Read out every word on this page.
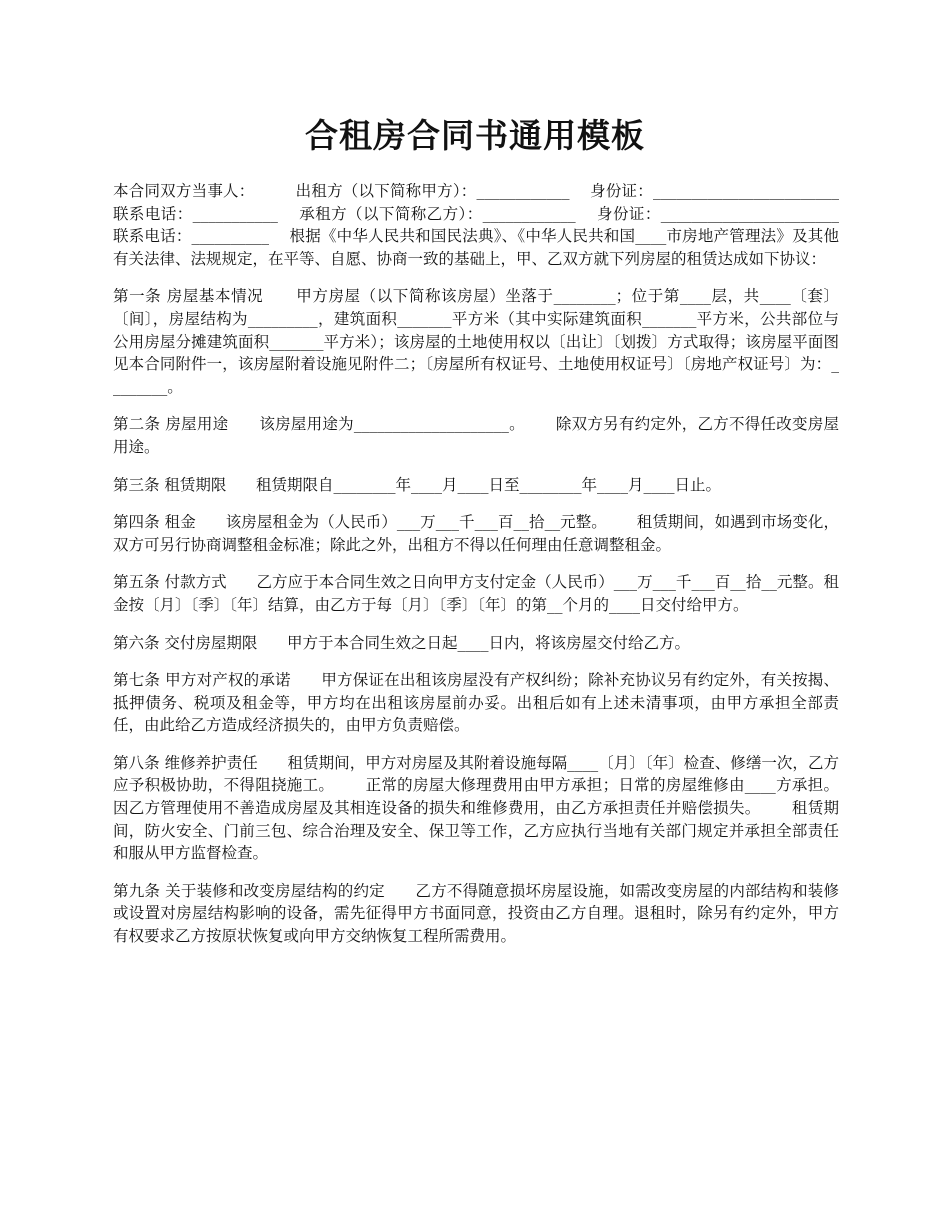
合租房合同书通用模板

本合同双方当事人：        出租方（以下简称甲方）：____________    身份证：________________________    联系电话：___________    承租方（以下简称乙方）：____________    身份证：_______________________    联系电话：__________    根据《中华人民共和国民法典》、《中华人民共和国____市房地产管理法》及其他有关法律、法规规定，在平等、自愿、协商一致的基础上，甲、乙双方就下列房屋的租赁达成如下协议：

第一条 房屋基本情况      甲方房屋（以下简称该房屋）坐落于________；位于第____层，共____〔套〕〔间〕，房屋结构为_________，建筑面积_______平方米（其中实际建筑面积_______平方米，公共部位与公用房屋分摊建筑面积_______平方米）；该房屋的土地使用权以〔出让〕〔划拨〕方式取得；该房屋平面图见本合同附件一，该房屋附着设施见附件二；〔房屋所有权证号、土地使用权证号〕〔房地产权证号〕为：________。

第二条 房屋用途      该房屋用途为____________________。      除双方另有约定外，乙方不得任改变房屋用途。

第三条 租赁期限      租赁期限自________年____月____日至________年____月____日止。

第四条 租金      该房屋租金为（人民币）___万___千___百__拾__元整。      租赁期间，如遇到市场变化，双方可另行协商调整租金标准；除此之外，出租方不得以任何理由任意调整租金。

第五条 付款方式      乙方应于本合同生效之日向甲方支付定金（人民币）___万___千___百__拾__元整。租金按〔月〕〔季〕〔年〕结算，由乙方于每〔月〕〔季〕〔年〕的第__个月的____日交付给甲方。

第六条 交付房屋期限      甲方于本合同生效之日起____日内，将该房屋交付给乙方。

第七条 甲方对产权的承诺      甲方保证在出租该房屋没有产权纠纷；除补充协议另有约定外，有关按揭、抵押债务、税项及租金等，甲方均在出租该房屋前办妥。出租后如有上述未清事项，由甲方承担全部责任，由此给乙方造成经济损失的，由甲方负责赔偿。

第八条 维修养护责任      租赁期间，甲方对房屋及其附着设施每隔____〔月〕〔年〕检查、修缮一次，乙方应予积极协助，不得阻挠施工。      正常的房屋大修理费用由甲方承担；日常的房屋维修由____方承担。      因乙方管理使用不善造成房屋及其相连设备的损失和维修费用，由乙方承担责任并赔偿损失。      租赁期间，防火安全、门前三包、综合治理及安全、保卫等工作，乙方应执行当地有关部门规定并承担全部责任和服从甲方监督检查。

第九条 关于装修和改变房屋结构的约定      乙方不得随意损坏房屋设施，如需改变房屋的内部结构和装修或设置对房屋结构影响的设备，需先征得甲方书面同意，投资由乙方自理。退租时，除另有约定外，甲方有权要求乙方按原状恢复或向甲方交纳恢复工程所需费用。
